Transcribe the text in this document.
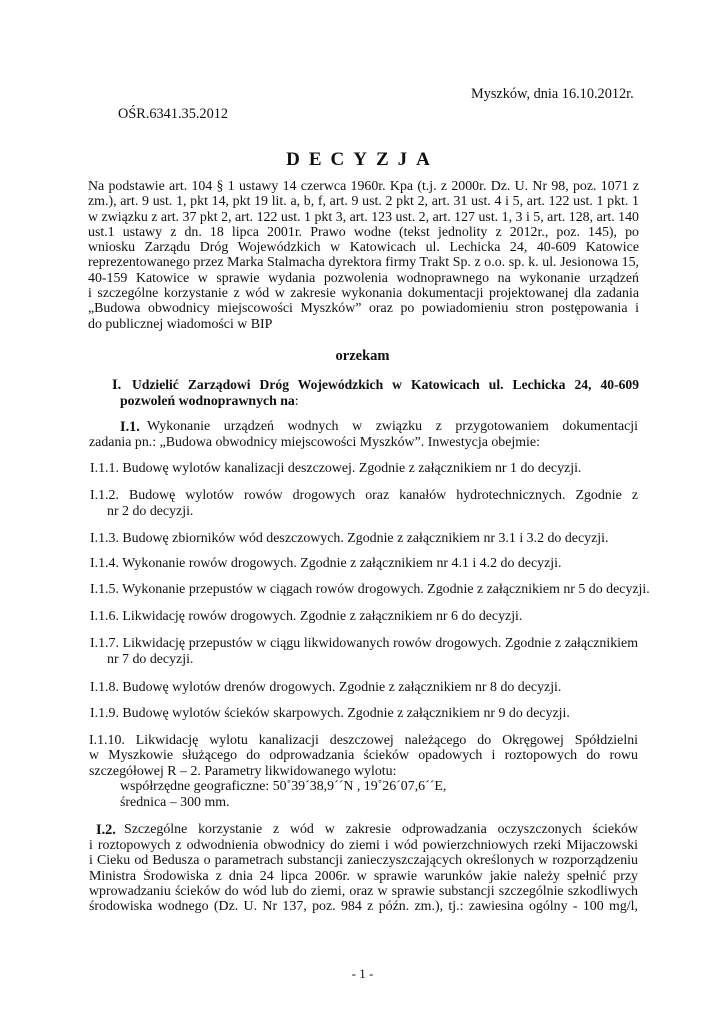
Myszków, dnia 16.10.2012r.
OŚR.6341.35.2012
DECYZJA
Na podstawie art. 104 § 1 ustawy 14 czerwca 1960r. Kpa (t.j. z 2000r. Dz. U. Nr 98, poz. 1071 z
zm.), art. 9 ust. 1, pkt 14, pkt 19 lit. a, b, f, art. 9 ust. 2 pkt 2, art. 31 ust. 4 i 5, art. 122 ust. 1 pkt. 1
w związku z art. 37 pkt 2, art. 122 ust. 1 pkt 3, art. 123 ust. 2, art. 127 ust. 1, 3 i 5, art. 128, art. 140
ust.1 ustawy z dn. 18 lipca 2001r. Prawo wodne (tekst jednolity z 2012r., poz. 145), po
wniosku Zarządu Dróg Wojewódzkich w Katowicach ul. Lechicka 24, 40-609 Katowice
reprezentowanego przez Marka Stalmacha dyrektora firmy Trakt Sp. z o.o. sp. k. ul. Jesionowa 15,
40-159 Katowice w sprawie wydania pozwolenia wodnoprawnego na wykonanie urządzeń
i szczególne korzystanie z wód w zakresie wykonania dokumentacji projektowanej dla zadania
„Budowa obwodnicy miejscowości Myszków” oraz po powiadomieniu stron postępowania i
do publicznej wiadomości w BIP
orzekam
I. Udzielić Zarządowi Dróg Wojewódzkich w Katowicach ul. Lechicka 24, 40-609
pozwoleń wodnoprawnych na:
I.1. Wykonanie urządzeń wodnych w związku z przygotowaniem dokumentacji
zadania pn.: „Budowa obwodnicy miejscowości Myszków”. Inwestycja obejmie:
I.1.1. Budowę wylotów kanalizacji deszczowej. Zgodnie z załącznikiem nr 1 do decyzji.
I.1.2. Budowę wylotów rowów drogowych oraz kanałów hydrotechnicznych. Zgodnie z
nr 2 do decyzji.
I.1.3. Budowę zbiorników wód deszczowych. Zgodnie z załącznikiem nr 3.1 i 3.2 do decyzji.
I.1.4. Wykonanie rowów drogowych. Zgodnie z załącznikiem nr 4.1 i 4.2 do decyzji.
I.1.5. Wykonanie przepustów w ciągach rowów drogowych. Zgodnie z załącznikiem nr 5 do decyzji.
I.1.6. Likwidację rowów drogowych. Zgodnie z załącznikiem nr 6 do decyzji.
I.1.7. Likwidację przepustów w ciągu likwidowanych rowów drogowych. Zgodnie z załącznikiem
nr 7 do decyzji.
I.1.8. Budowę wylotów drenów drogowych. Zgodnie z załącznikiem nr 8 do decyzji.
I.1.9. Budowę wylotów ścieków skarpowych. Zgodnie z załącznikiem nr 9 do decyzji.
I.1.10. Likwidację wylotu kanalizacji deszczowej należącego do Okręgowej Spółdzielni
w Myszkowie służącego do odprowadzania ścieków opadowych i roztopowych do rowu
szczegółowej R – 2. Parametry likwidowanego wylotu:
współrzędne geograficzne: 50˚39´38,9´´N , 19˚26´07,6´´E,
średnica – 300 mm.
I.2. Szczególne korzystanie z wód w zakresie odprowadzania oczyszczonych ścieków
i roztopowych z odwodnienia obwodnicy do ziemi i wód powierzchniowych rzeki Mijaczowski
i Cieku od Bedusza o parametrach substancji zanieczyszczających określonych w rozporządzeniu
Ministra Środowiska z dnia 24 lipca 2006r. w sprawie warunków jakie należy spełnić przy
wprowadzaniu ścieków do wód lub do ziemi, oraz w sprawie substancji szczególnie szkodliwych
środowiska wodnego (Dz. U. Nr 137, poz. 984 z późn. zm.), tj.: zawiesina ogólny - 100 mg/l,
- 1 -
